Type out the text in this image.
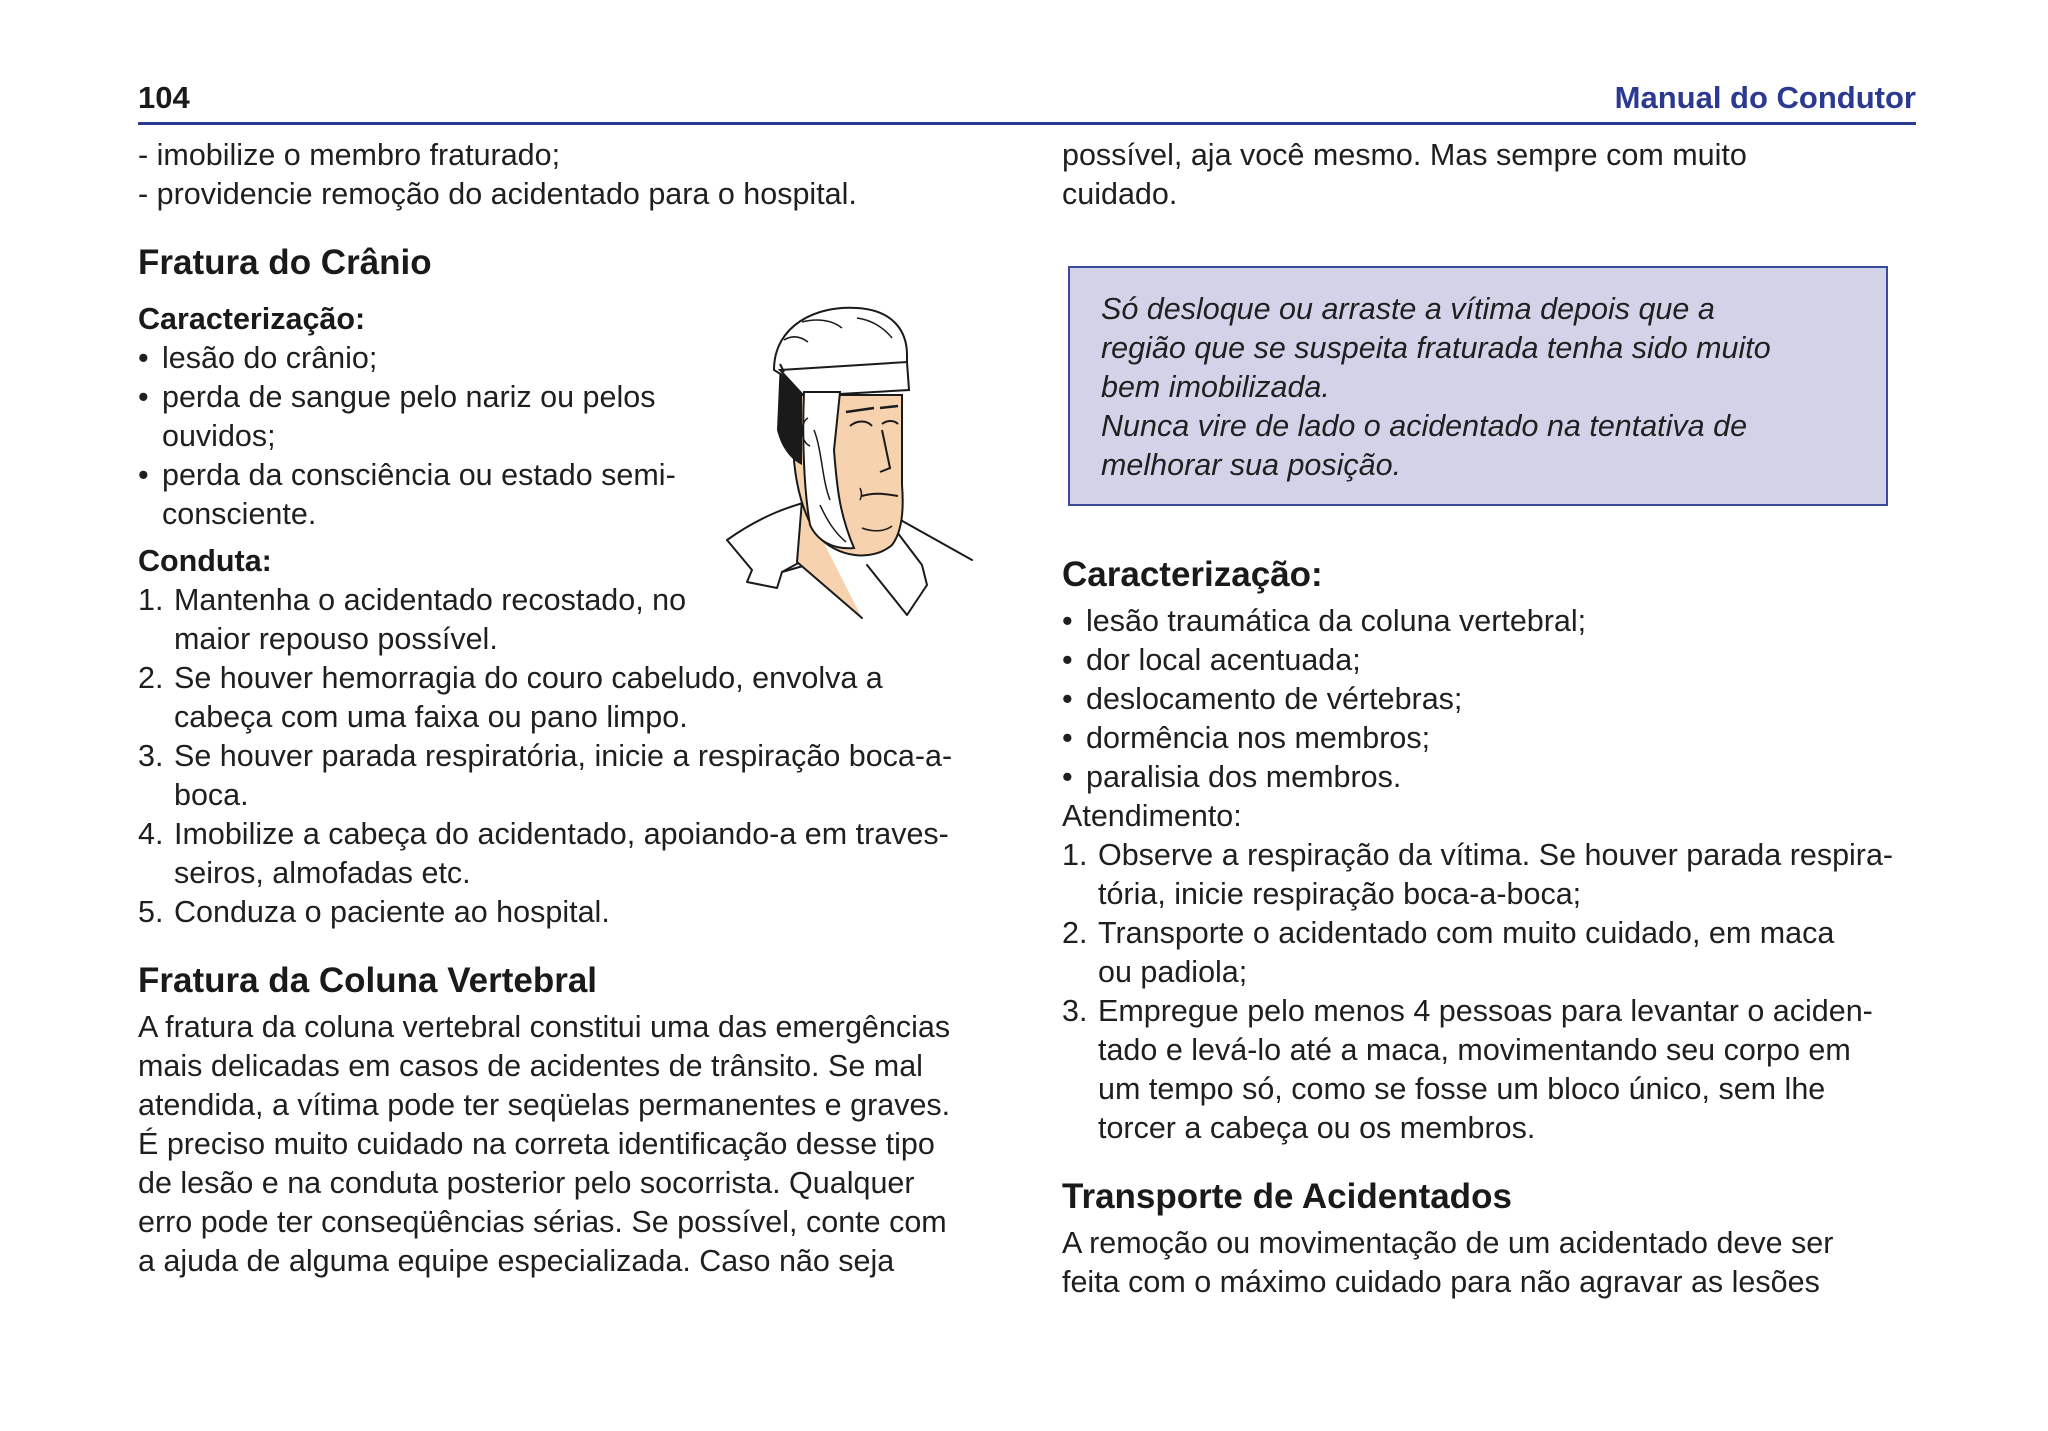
104	Manual do Condutor
- imobilize o membro fraturado;
- providencie remoção do acidentado para o hospital.
Fratura do Crânio
Caracterização:
• lesão do crânio;
• perda de sangue pelo nariz ou pelos
ouvidos;
• perda da consciência ou estado semi-
consciente.
Conduta:
1. Mantenha o acidentado recostado, no
maior repouso possível.
2. Se houver hemorragia do couro cabeludo, envolva a
cabeça com uma faixa ou pano limpo.
3. Se houver parada respiratória, inicie a respiração boca-a-
boca.
4. Imobilize a cabeça do acidentado, apoiando-a em traves-
seiros, almofadas etc.
5. Conduza o paciente ao hospital.
Fratura da Coluna Vertebral

A fratura da coluna vertebral constitui uma das emergências
mais delicadas em casos de acidentes de trânsito. Se mal
atendida, a vítima pode ter seqüelas permanentes e graves.
É preciso muito cuidado na correta identificação desse tipo
de lesão e na conduta posterior pelo socorrista. Qualquer
erro pode ter conseqüências sérias. Se possível, conte com
a ajuda de alguma equipe especializada. Caso não seja

possível, aja você mesmo. Mas sempre com muito
cuidado.
Só desloque ou arraste a vítima depois que a
região que se suspeita fraturada tenha sido muito
bem imobilizada.
Nunca vire de lado o acidentado na tentativa de
melhorar sua posição.
Caracterização:
• lesão traumática da coluna vertebral;
• dor local acentuada;
• deslocamento de vértebras;
• dormência nos membros;
• paralisia dos membros.
Atendimento:
1. Observe a respiração da vítima. Se houver parada respira-
tória, inicie respiração boca-a-boca;
2. Transporte o acidentado com muito cuidado, em maca
ou padiola;
3. Empregue pelo menos 4 pessoas para levantar o aciden-
tado e levá-lo até a maca, movimentando seu corpo em
um tempo só, como se fosse um bloco único, sem lhe
torcer a cabeça ou os membros.
Transporte de Acidentados

A remoção ou movimentação de um acidentado deve ser
feita com o máximo cuidado para não agravar as lesões
